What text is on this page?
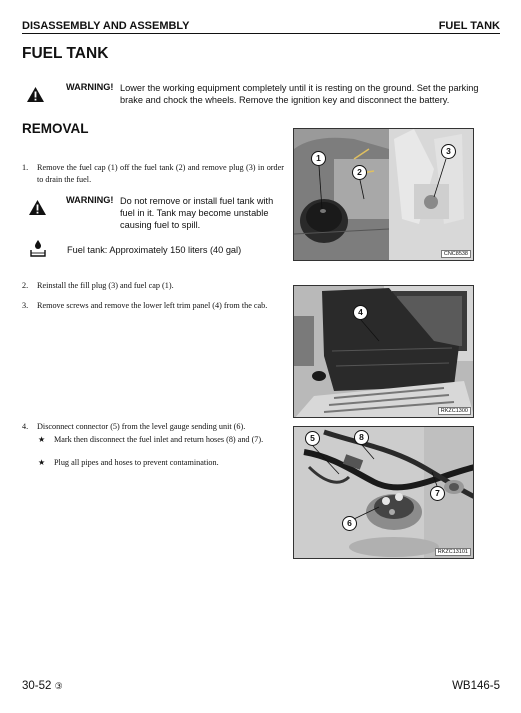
DISASSEMBLY AND ASSEMBLY	FUEL TANK
FUEL TANK
WARNING! Lower the working equipment completely until it is resting on the ground. Set the parking brake and chock the wheels. Remove the ignition key and disconnect the battery.
REMOVAL
1. Remove the fuel cap (1) off the fuel tank (2) and remove plug (3) in order to drain the fuel.
WARNING! Do not remove or install fuel tank with fuel in it. Tank may become unstable causing fuel to spill.
Fuel tank: Approximately 150 liters (40 gal)
2. Reinstall the fill plug (3) and fuel cap (1).
3. Remove screws and remove the lower left trim panel (4) from the cab.
4. Disconnect connector (5) from the level gauge sending unit (6).
★ Mark then disconnect the fuel inlet and return hoses (8) and (7).
★ Plug all pipes and hoses to prevent contamination.
1
2
3
CNC8538
4
RKZC1300
5	8
7
6
RKZC13101
30-52 ③	WB146-5
